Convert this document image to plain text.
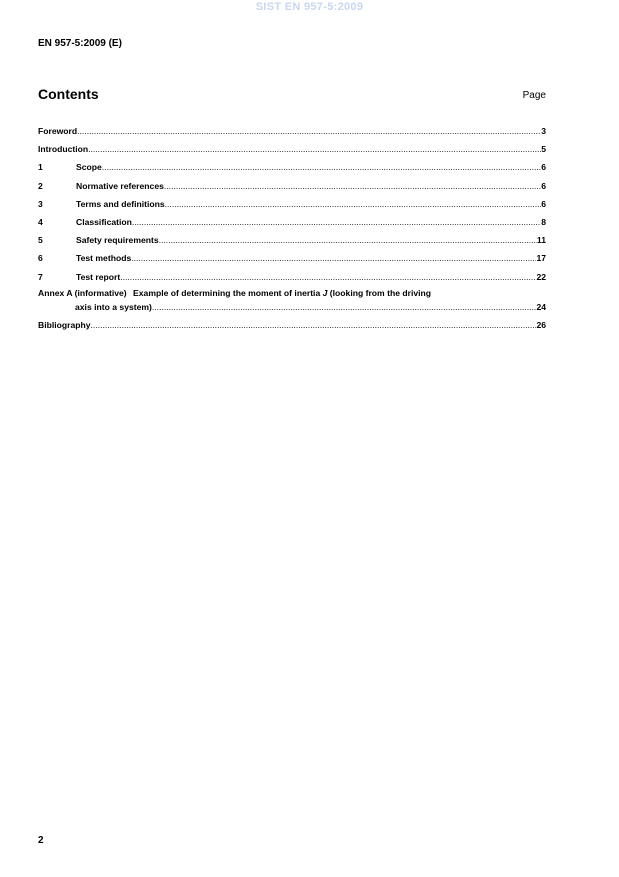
SIST EN 957-5:2009
EN 957-5:2009 (E)
Contents	Page
Foreword .....	3
Introduction .....	5
1	Scope .....	6
2	Normative references .....	6
3	Terms and definitions .....	6
4	Classification .....	8
5	Safety requirements .....	11
6	Test methods .....	17
7	Test report .....	22
Annex A (informative) Example of determining the moment of inertia J (looking from the driving
axis into a system) .....	24
Bibliography .....	26
2
